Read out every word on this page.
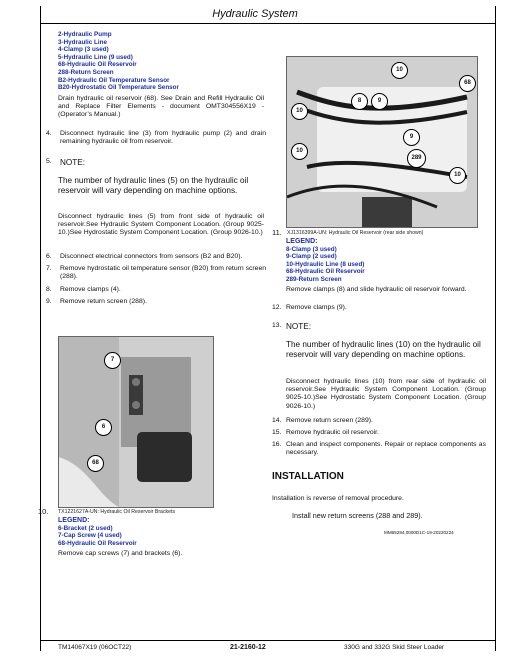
Hydraulic System
2-Hydraulic Pump
3-Hydraulic Line
4-Clamp (3 used)
5-Hydraulic Line (9 used)
68-Hydraulic Oil Reservoir
288-Return Screen
B2-Hydraulic Oil Temperature Sensor
B20-Hydrostatic Oil Temperature Sensor
Drain hydraulic oil reservoir (68). See Drain and Refill Hydraulic Oil and Replace Filter Elements - document OMT304556X19 - (Operator’s Manual.)
4. Disconnect hydraulic line (3) from hydraulic pump (2) and drain remaining hydraulic oil from reservoir.
5. NOTE:
The number of hydraulic lines (5) on the hydraulic oil reservoir will vary depending on machine options.
Disconnect hydraulic lines (5) from front side of hydraulic oil reservoir.See Hydraulic System Component Location. (Group 9025-10.)See Hydrostatic System Component Location. (Group 9026-10.)
6. Disconnect electrical connectors from sensors (B2 and B20).
7. Remove hydrostatic oil temperature sensor (B20) from return screen (288).
8. Remove clamps (4).
9. Remove return screen (288).
7
6
68
10. TX1221627A-UN: Hydraulic Oil Reservoir Brackets
LEGEND:
6-Bracket (2 used)
7-Cap Screw (4 used)
68-Hydraulic Oil Reservoir
Remove cap screws (7) and brackets (6).
10
68
8	9
10
9
289
10
10
11. XJ1316399A-UN: Hydraulic Oil Reservoir (rear side shown)
LEGEND:
8-Clamp (3 used)
9-Clamp (2 used)
10-Hydraulic Line (8 used)
68-Hydraulic Oil Reservoir
289-Return Screen
Remove clamps (8) and slide hydraulic oil reservoir forward.
12. Remove clamps (9).
13. NOTE:
The number of hydraulic lines (10) on the hydraulic oil reservoir will vary depending on machine options.
Disconnect hydraulic lines (10) from rear side of hydraulic oil reservoir.See Hydraulic System Component Location. (Group 9025-10.)See Hydrostatic System Component Location. (Group 9026-10.)
14. Remove return screen (289).
15. Remove hydraulic oil reservoir.
16. Clean and inspect components. Repair or replace components as necessary.
INSTALLATION
Installation is reverse of removal procedure.
Install new return screens (288 and 289).
MM65284,0000D1C-19-20220224
TM14067X19 (06OCT22)	21-2160-12	330G and 332G Skid Steer Loader
